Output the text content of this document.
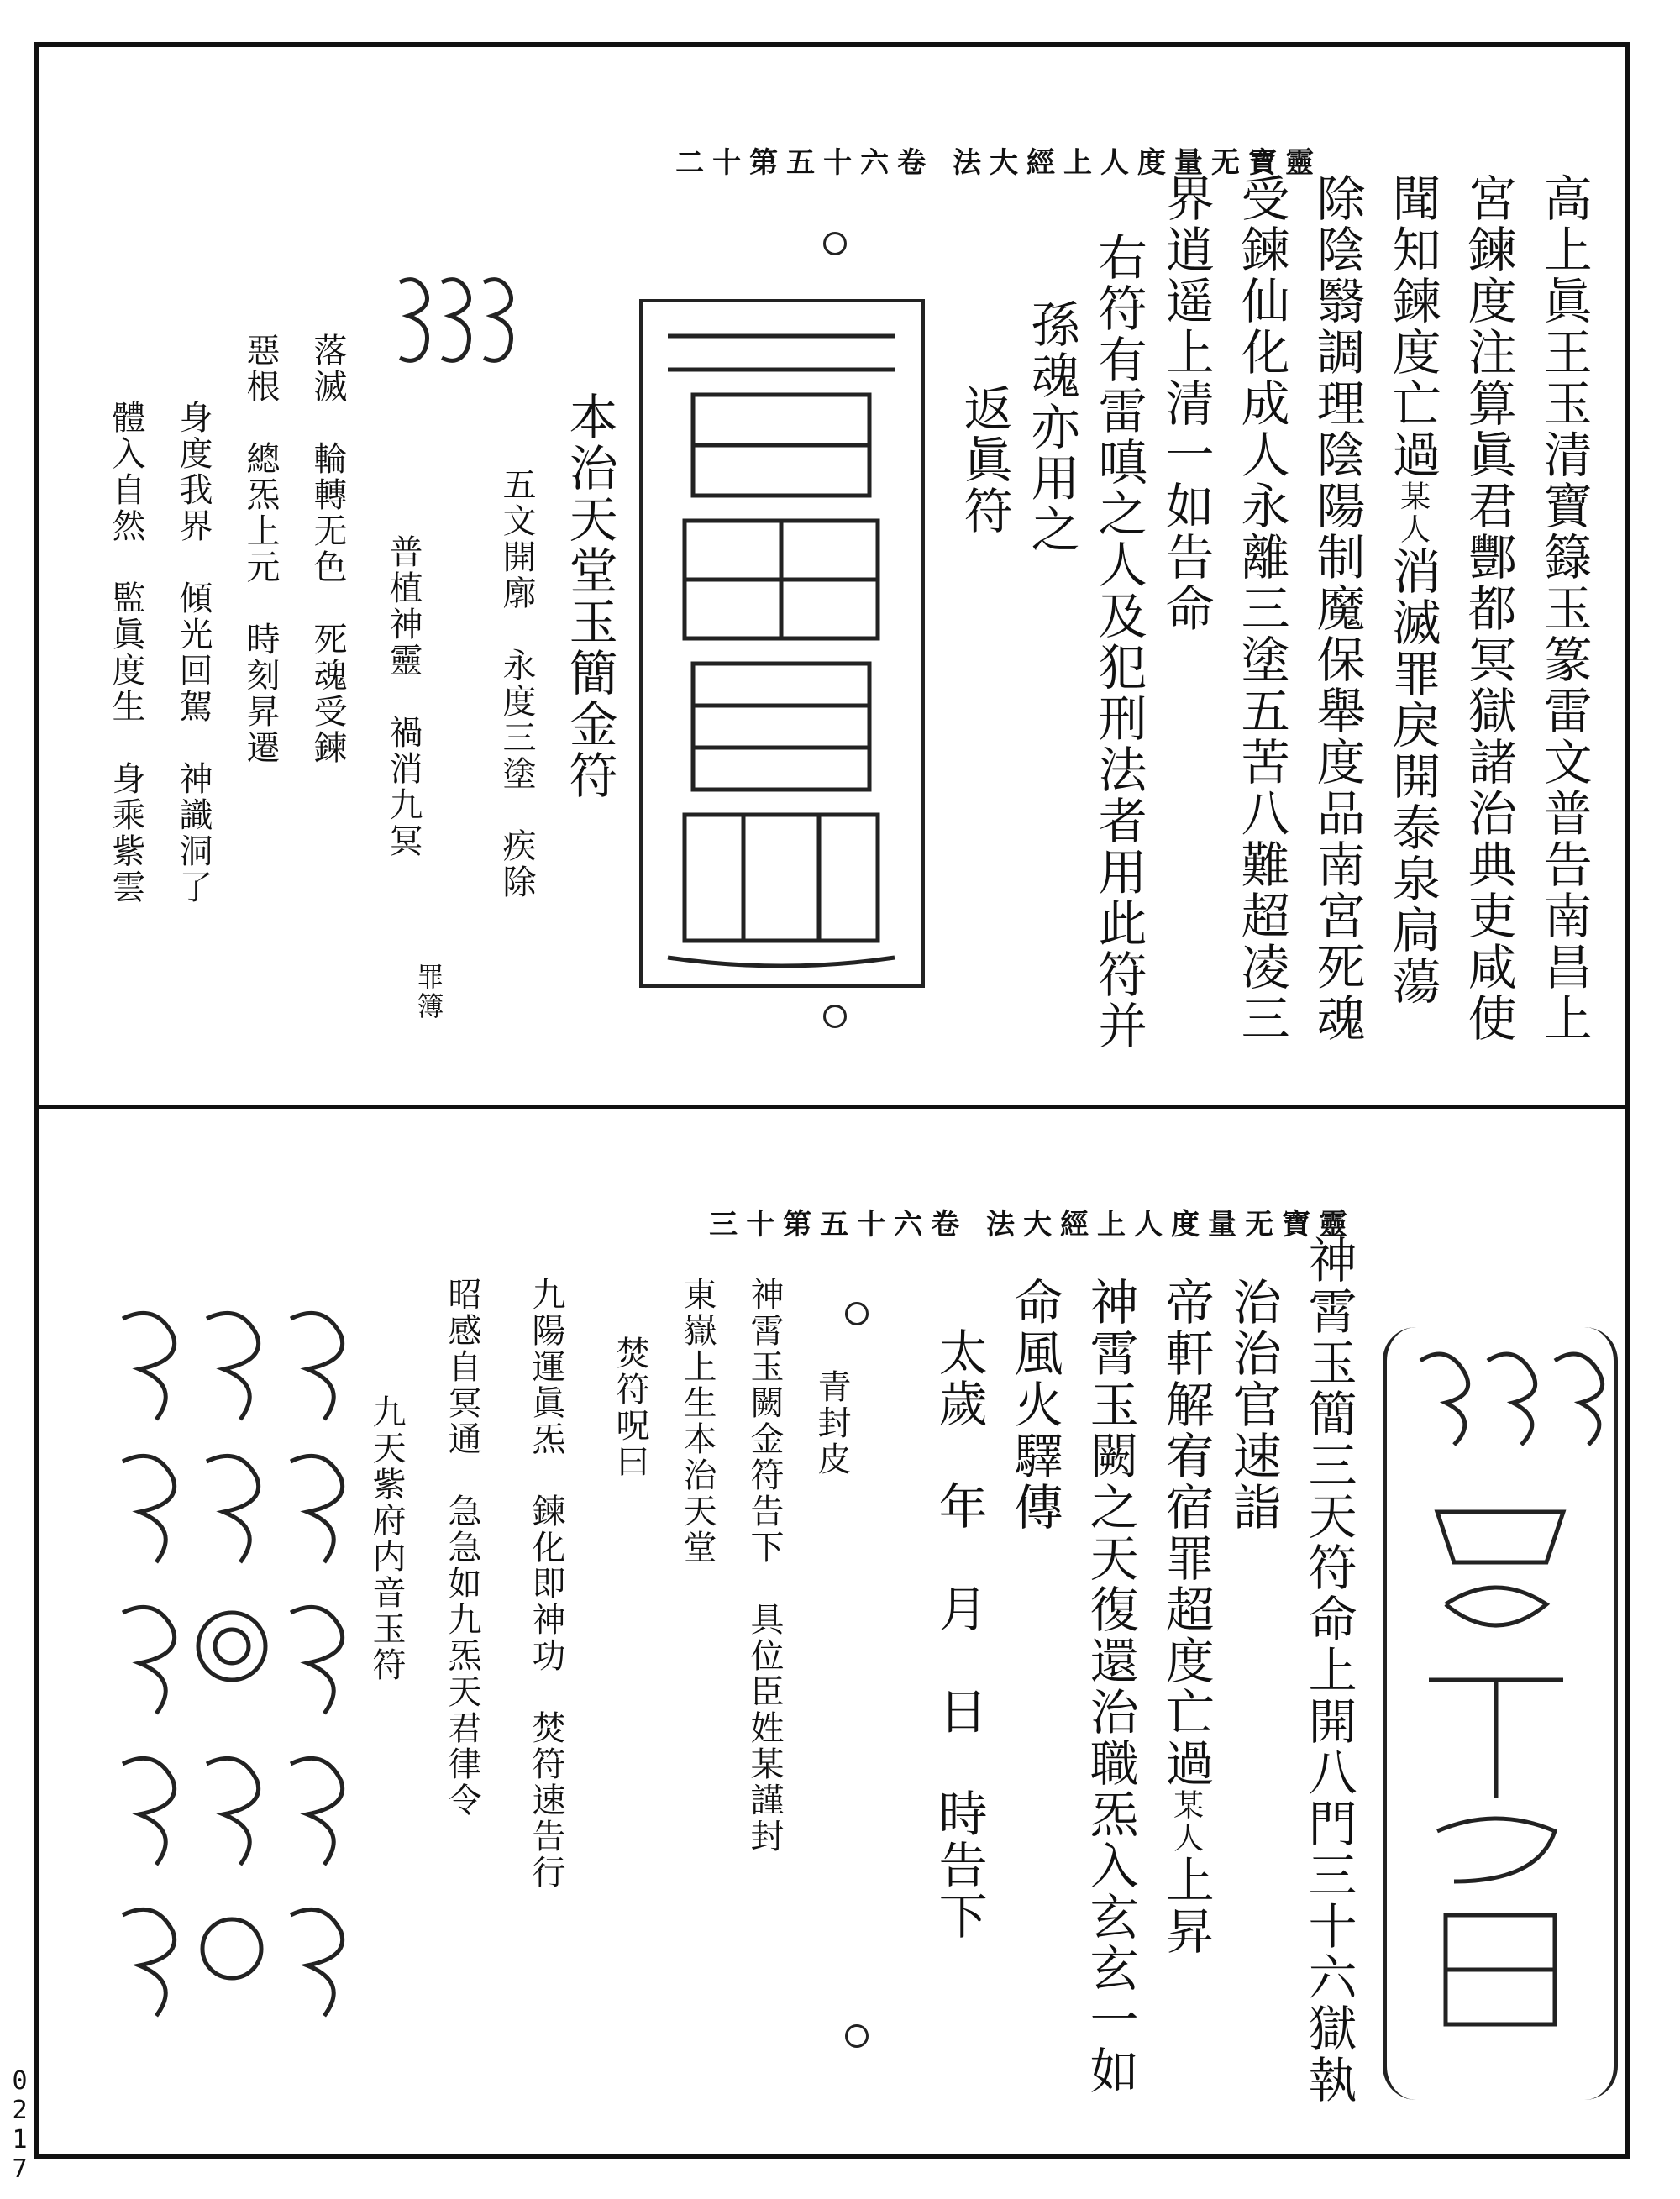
靈寶无量度人上經大法 卷六十五第十二
高上眞王玉清寶籙玉篆雷文普告南昌上
宮鍊度注算眞君酆都冥獄諸治典吏咸使
聞知鍊度亡過某人消滅罪戾開泰泉扃蕩
除陰翳調理陰陽制魔保舉度品南宮死魂
受鍊仙化成人永離三塗五苦八難超凌三
界逍遥上清一如告命
右符有雷嗔之人及犯刑法者用此符并
孫魂亦用之
返眞符
本治天堂玉簡金符
五文開廓　永度三塗　疾除
罪簿
普植神靈　禍消九冥
落滅　輪轉无色　死魂受鍊
惡根　總炁上元　時刻昇遷
身度我界　傾光回駕　神識洞了
體入自然　監眞度生　身乘紫雲
靈寶无量度人上經大法 卷六十五第十三
神霄玉簡三天符命上開八門三十六獄執
治治官速詣
帝軒解宥宿罪超度亡過某人上昇
神霄玉闕之天復還治職炁入玄玄一如
命風火驛傳
太歲　年　月　日　時告下
青封皮
神霄玉闕金符告下　具位臣姓某謹封
東嶽上生本治天堂
焚符呪曰
九陽運眞炁　鍊化即神功　焚符速告行
昭感自冥通　急急如九炁天君律令
九天紫府内音玉符
0217
